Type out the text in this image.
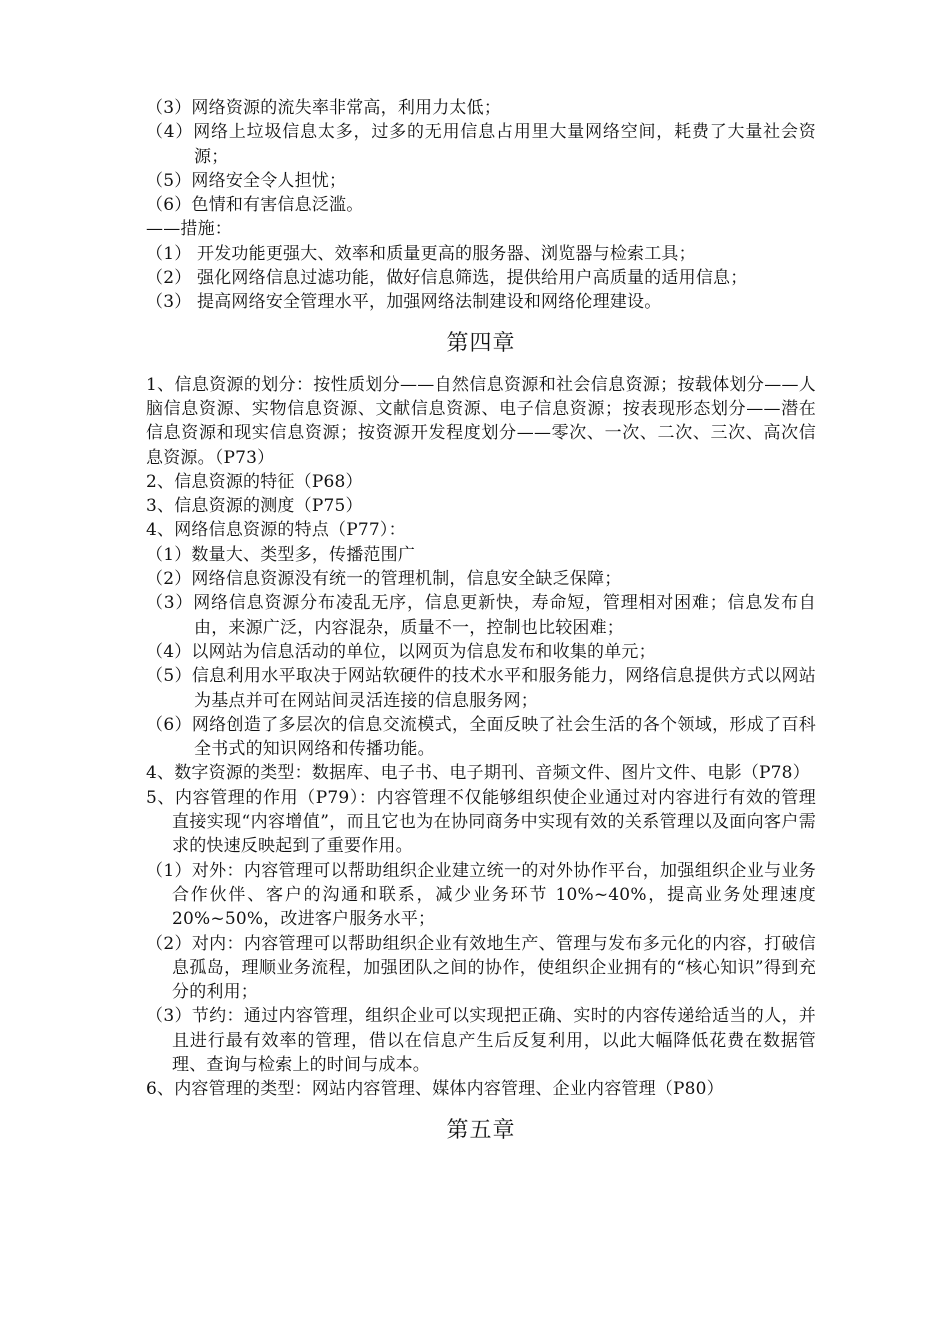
（3）网络资源的流失率非常高，利用力太低；
（4）网络上垃圾信息太多，过多的无用信息占用里大量网络空间，耗费了大量社会资源；
（5）网络安全令人担忧；
（6）色情和有害信息泛滥。
——措施：
（1） 开发功能更强大、效率和质量更高的服务器、浏览器与检索工具；
（2） 强化网络信息过滤功能，做好信息筛选，提供给用户高质量的适用信息；
（3） 提高网络安全管理水平，加强网络法制建设和网络伦理建设。
第四章
1、信息资源的划分：按性质划分——自然信息资源和社会信息资源；按载体划分——人脑信息资源、实物信息资源、文献信息资源、电子信息资源；按表现形态划分——潜在信息资源和现实信息资源；按资源开发程度划分——零次、一次、二次、三次、高次信息资源。（P73）
2、信息资源的特征（P68）
3、信息资源的测度（P75）
4、网络信息资源的特点（P77）：
（1）数量大、类型多，传播范围广
（2）网络信息资源没有统一的管理机制，信息安全缺乏保障；
（3）网络信息资源分布凌乱无序，信息更新快，寿命短，管理相对困难；信息发布自由，来源广泛，内容混杂，质量不一，控制也比较困难；
（4）以网站为信息活动的单位，以网页为信息发布和收集的单元；
（5）信息利用水平取决于网站软硬件的技术水平和服务能力，网络信息提供方式以网站为基点并可在网站间灵活连接的信息服务网；
（6）网络创造了多层次的信息交流模式，全面反映了社会生活的各个领域，形成了百科全书式的知识网络和传播功能。
4、数字资源的类型：数据库、电子书、电子期刊、音频文件、图片文件、电影（P78）
5、内容管理的作用（P79）：内容管理不仅能够组织使企业通过对内容进行有效的管理直接实现“内容增值”，而且它也为在协同商务中实现有效的关系管理以及面向客户需求的快速反映起到了重要作用。
（1）对外：内容管理可以帮助组织企业建立统一的对外协作平台，加强组织企业与业务合作伙伴、客户的沟通和联系，减少业务环节 10%~40%，提高业务处理速度 20%~50%，改进客户服务水平；
（2）对内：内容管理可以帮助组织企业有效地生产、管理与发布多元化的内容，打破信息孤岛，理顺业务流程，加强团队之间的协作，使组织企业拥有的“核心知识”得到充分的利用；
（3）节约：通过内容管理，组织企业可以实现把正确、实时的内容传递给适当的人，并且进行最有效率的管理，借以在信息产生后反复利用，以此大幅降低花费在数据管理、查询与检索上的时间与成本。
6、内容管理的类型：网站内容管理、媒体内容管理、企业内容管理（P80）
第五章
